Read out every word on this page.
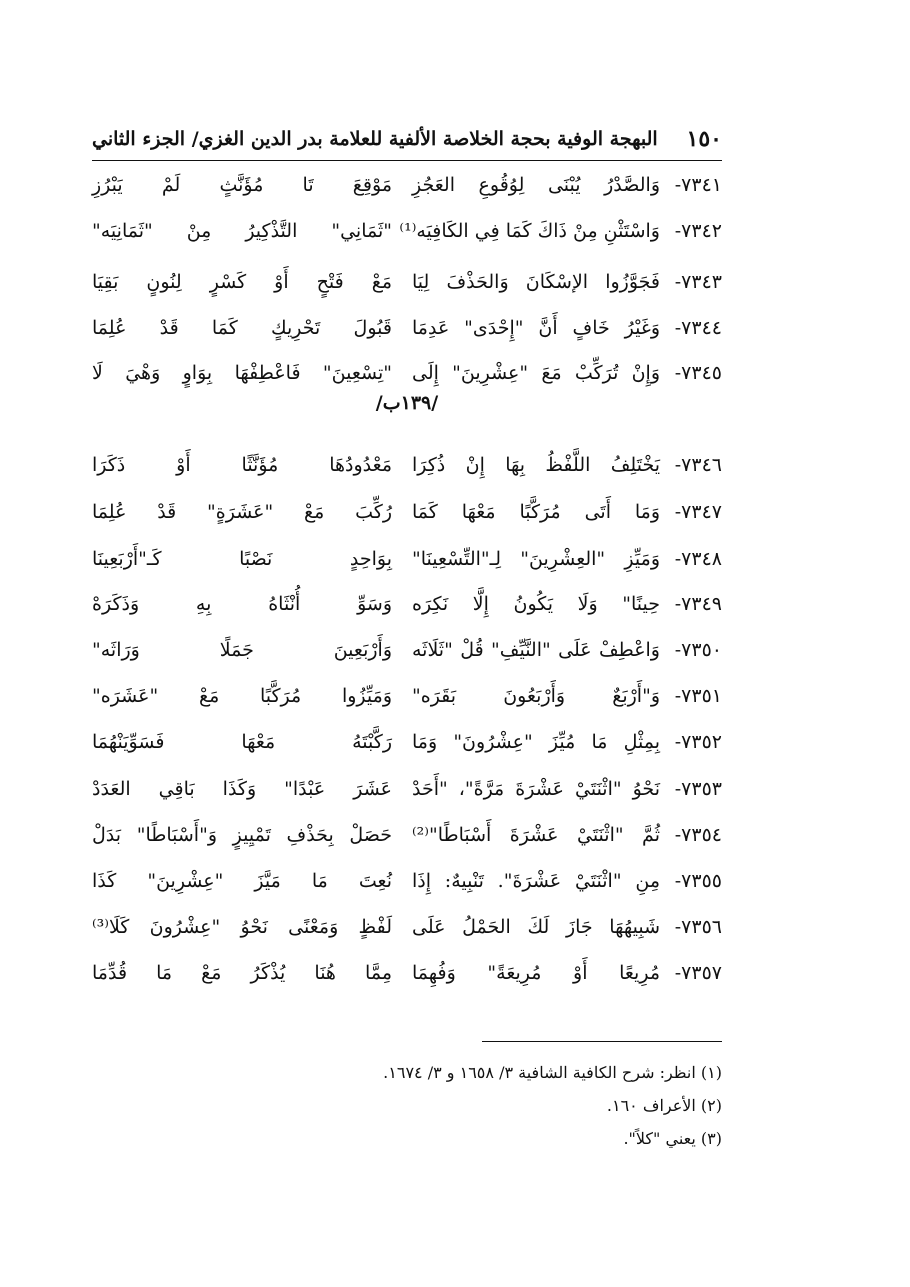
١٥٠
البهجة الوفية بحجة الخلاصة الألفية للعلامة بدر الدين الغزي/ الجزء الثاني
٧٣٤١-
وَالصَّدْرُ يُبْنَى لِوُقُوعِ العَجُزِ
مَوْقِعَ تَا مُؤَنَّثٍ لَمْ يَبْرُزِ
٧٣٤٢-
وَاسْتَثْنِ مِنْ ذَاكَ كَمَا فِي الكَافِيَه⁽¹⁾
"ثَمَانِي" التَّذْكِيرُ مِنْ "ثَمَانِيَه"
٧٣٤٣-
فَجَوَّزُوا الإسْكَانَ وَالحَذْفَ لِيَا
مَعْ فَتْحٍ أَوْ كَسْرٍ لِنُونٍ بَقِيَا
٧٣٤٤-
وَغَيْرُ خَافٍ أَنَّ "إِحْدَى" عَدِمَا
قَبُولَ تَحْرِيكٍ كَمَا قَدْ عُلِمَا
٧٣٤٥-
وَإِنْ تُرَكِّبْ مَعَ "عِشْرِينَ" إِلَى
"تِسْعِينَ" فَاعْطِفْهَا بِوَاوٍ وَهْيَ لَا
٧٣٤٦-
يَخْتَلِفُ اللَّفْظُ بِهَا إِنْ ذُكِرَا
مَعْدُودُهَا مُؤَنَّثًا أَوْ ذَكَرَا
٧٣٤٧-
وَمَا أَتَى مُرَكَّبًا مَعْهَا كَمَا
رُكِّبَ مَعْ "عَشَرَةٍ" قَدْ عُلِمَا
٧٣٤٨-
وَمَيِّزِ "العِشْرِينَ" لِـ"التِّسْعِينَا"
بِوَاحِدٍ نَصْبًا كَـ"أَرْبَعِينَا
٧٣٤٩-
حِينًا" وَلَا يَكُونُ إِلَّا نَكِرَه
وَسَوِّ أُنْثَاهُ بِهِ وَذَكَرَهْ
٧٣٥٠-
وَاعْطِفْ عَلَى "النَّيِّفِ" قُلْ "ثَلَاثَه
وَأَرْبَعِينَ جَمَلًا وَرَاثَه"
٧٣٥١-
وَ"أَرْبَعٌ وَأَرْبَعُونَ بَقَرَه"
وَمَيِّزُوا مُرَكَّبًا مَعْ "عَشَرَه"
٧٣٥٢-
بِمِثْلِ مَا مُيِّزَ "عِشْرُونَ" وَمَا
رَكَّبْتَهُ مَعْهَا فَسَوِّيَنْهُمَا
٧٣٥٣-
نَحْوُ "اثْنَتَيْ عَشْرَةَ مَرَّةً"، "أَحَدْ
عَشَرَ عَبْدًا" وَكَذَا بَاقِي العَدَدْ
٧٣٥٤-
ثُمَّ "اثْنَتَيْ عَشْرَةَ أَسْبَاطًا"⁽²⁾
حَصَلْ بِحَذْفِ تَمْيِيزٍ وَ"أَسْبَاطًا" بَدَلْ
٧٣٥٥-
مِنِ "اثْنَتَيْ عَشْرَةَ". تَنْبِيهٌ: إِذَا
نُعِتَ مَا مَيَّزَ "عِشْرِينَ" كَذَا
٧٣٥٦-
شَبِيهُهَا جَازَ لَكَ الحَمْلُ عَلَى
لَفْظٍ وَمَعْنًى نَحْوُ "عِشْرُونَ كَلَا⁽³⁾
٧٣٥٧-
مُرِيعًا أَوْ مُرِيعَةً" وَفُهِمَا
مِمَّا هُنَا يُذْكَرُ مَعْ مَا قُدِّمَا
/١٣٩ب/
(١) انظر: شرح الكافية الشافية ٣/ ١٦٥٨ و ٣/ ١٦٧٤.
(٢) الأعراف ١٦٠.
(٣) يعني "كلاً".
